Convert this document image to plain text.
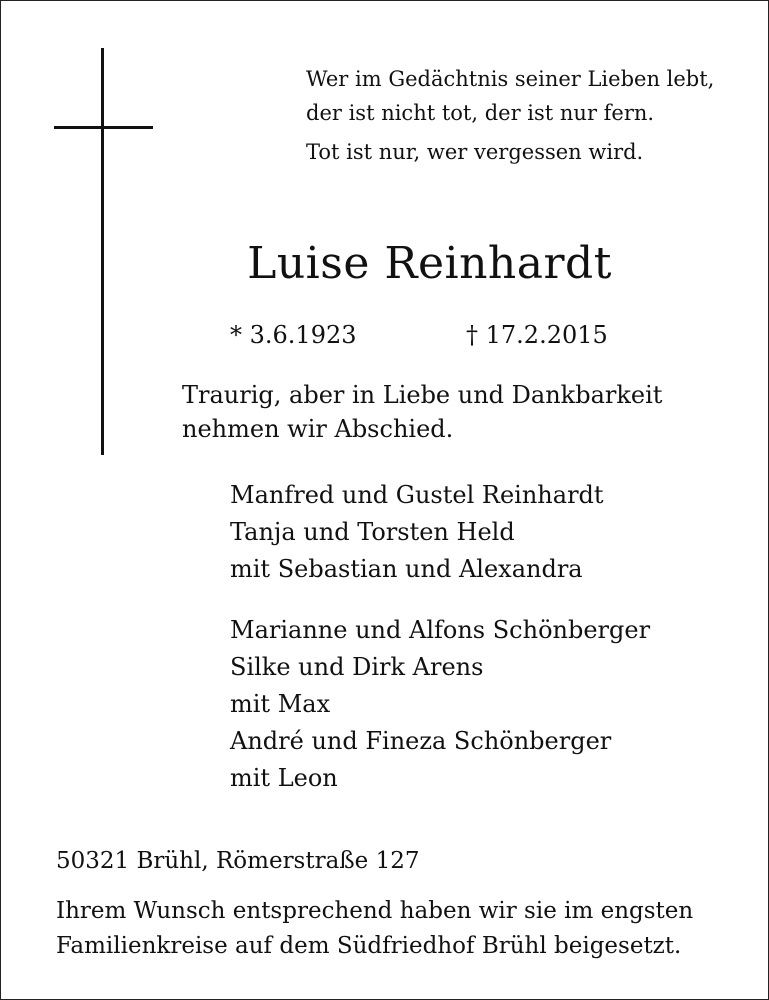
Wer im Gedächtnis seiner Lieben lebt,
der ist nicht tot, der ist nur fern.
Tot ist nur, wer vergessen wird.
Luise Reinhardt
* 3.6.1923	† 17.2.2015
Traurig, aber in Liebe und Dankbarkeit
nehmen wir Abschied.
Manfred und Gustel Reinhardt
Tanja und Torsten Held
mit Sebastian und Alexandra
Marianne und Alfons Schönberger
Silke und Dirk Arens
mit Max
André und Fineza Schönberger
mit Leon
50321 Brühl, Römerstraße 127
Ihrem Wunsch entsprechend haben wir sie im engsten
Familienkreise auf dem Südfriedhof Brühl beigesetzt.
